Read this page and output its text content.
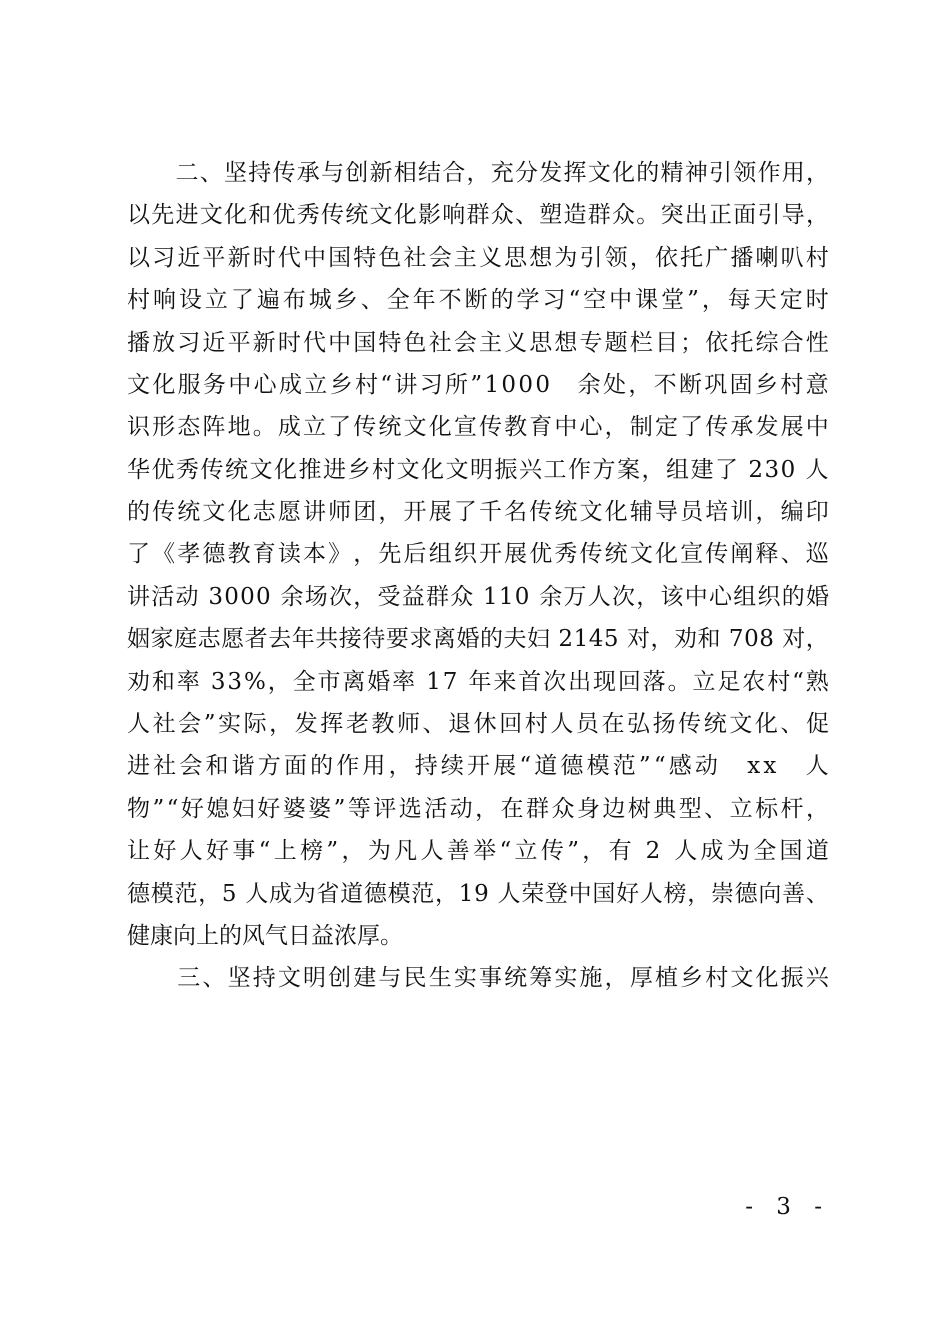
二 、 坚 持 传 承 与 创 新 相 结 合 ， 充 分 发 挥 文 化 的 精 神 引 领 作 用 ，
以 先 进 文 化 和 优 秀 传 统 文 化 影 响 群 众 、 塑 造 群 众 。 突 出 正 面 引 导 ，
以 习 近 平 新 时 代 中 国 特 色 社 会 主 义 思 想 为 引 领 ， 依 托 广 播 喇 叭 村
村 响 设 立 了 遍 布 城 乡 、 全 年 不 断 的 学 习 “ 空 中 课 堂 ” ， 每 天 定 时
播 放 习 近 平 新 时 代 中 国 特 色 社 会 主 义 思 想 专 题 栏 目 ； 依 托 综 合 性
文 化 服 务 中 心 成 立 乡 村 “ 讲 习 所 ” 1 0 0 0
　 余 处 ， 不 断 巩 固 乡 村 意
识 形 态 阵 地 。 成 立 了 传 统 文 化 宣 传 教 育 中 心 ， 制 定 了 传 承 发 展 中
华 优 秀 传 统 文 化 推 进 乡 村 文 化 文 明 振 兴 工 作 方 案 ， 组 建 了
2 3 0
人
的 传 统 文 化 志 愿 讲 师 团 ， 开 展 了 千 名 传 统 文 化 辅 导 员 培 训 ， 编 印
了 《 孝 德 教 育 读 本 》 ， 先 后 组 织 开 展 优 秀 传 统 文 化 宣 传 阐 释 、 巡
讲 活 动
3 0 0 0
余 场 次 ， 受 益 群 众
1 1 0
余 万 人 次 ， 该 中 心 组 织 的 婚
姻 家 庭 志 愿 者 去 年 共 接 待 要 求 离 婚 的 夫 妇
2 1 4 5
对 ， 劝 和
7 0 8
对 ，
劝 和 率
3 3 % ， 全 市 离 婚 率
1 7
年 来 首 次 出 现 回 落 。 立 足 农 村 “ 熟
人 社 会 ” 实 际 ， 发 挥 老 教 师 、 退 休 回 村 人 员 在 弘 扬 传 统 文 化 、 促
进 社 会 和 谐 方 面 的 作 用 ， 持 续 开 展 “ 道 德 模 范 ” “ 感 动
　 x x
　 人
物 ” “ 好 媳 妇 好 婆 婆 ” 等 评 选 活 动 ， 在 群 众 身 边 树 典 型 、 立 标 杆 ，
让 好 人 好 事 “ 上 榜 ” ， 为 凡 人 善 举 “ 立 传 ” ， 有
2
人 成 为 全 国 道
德 模 范 ， 5
人 成 为 省 道 德 模 范 ， 1 9
人 荣 登 中 国 好 人 榜 ， 崇 德 向 善 、
健康向上的风气日益浓厚。

三 、 坚 持 文 明 创 建 与 民 生 实 事 统 筹 实 施 ， 厚 植 乡 村 文 化 振 兴
- 3 -
